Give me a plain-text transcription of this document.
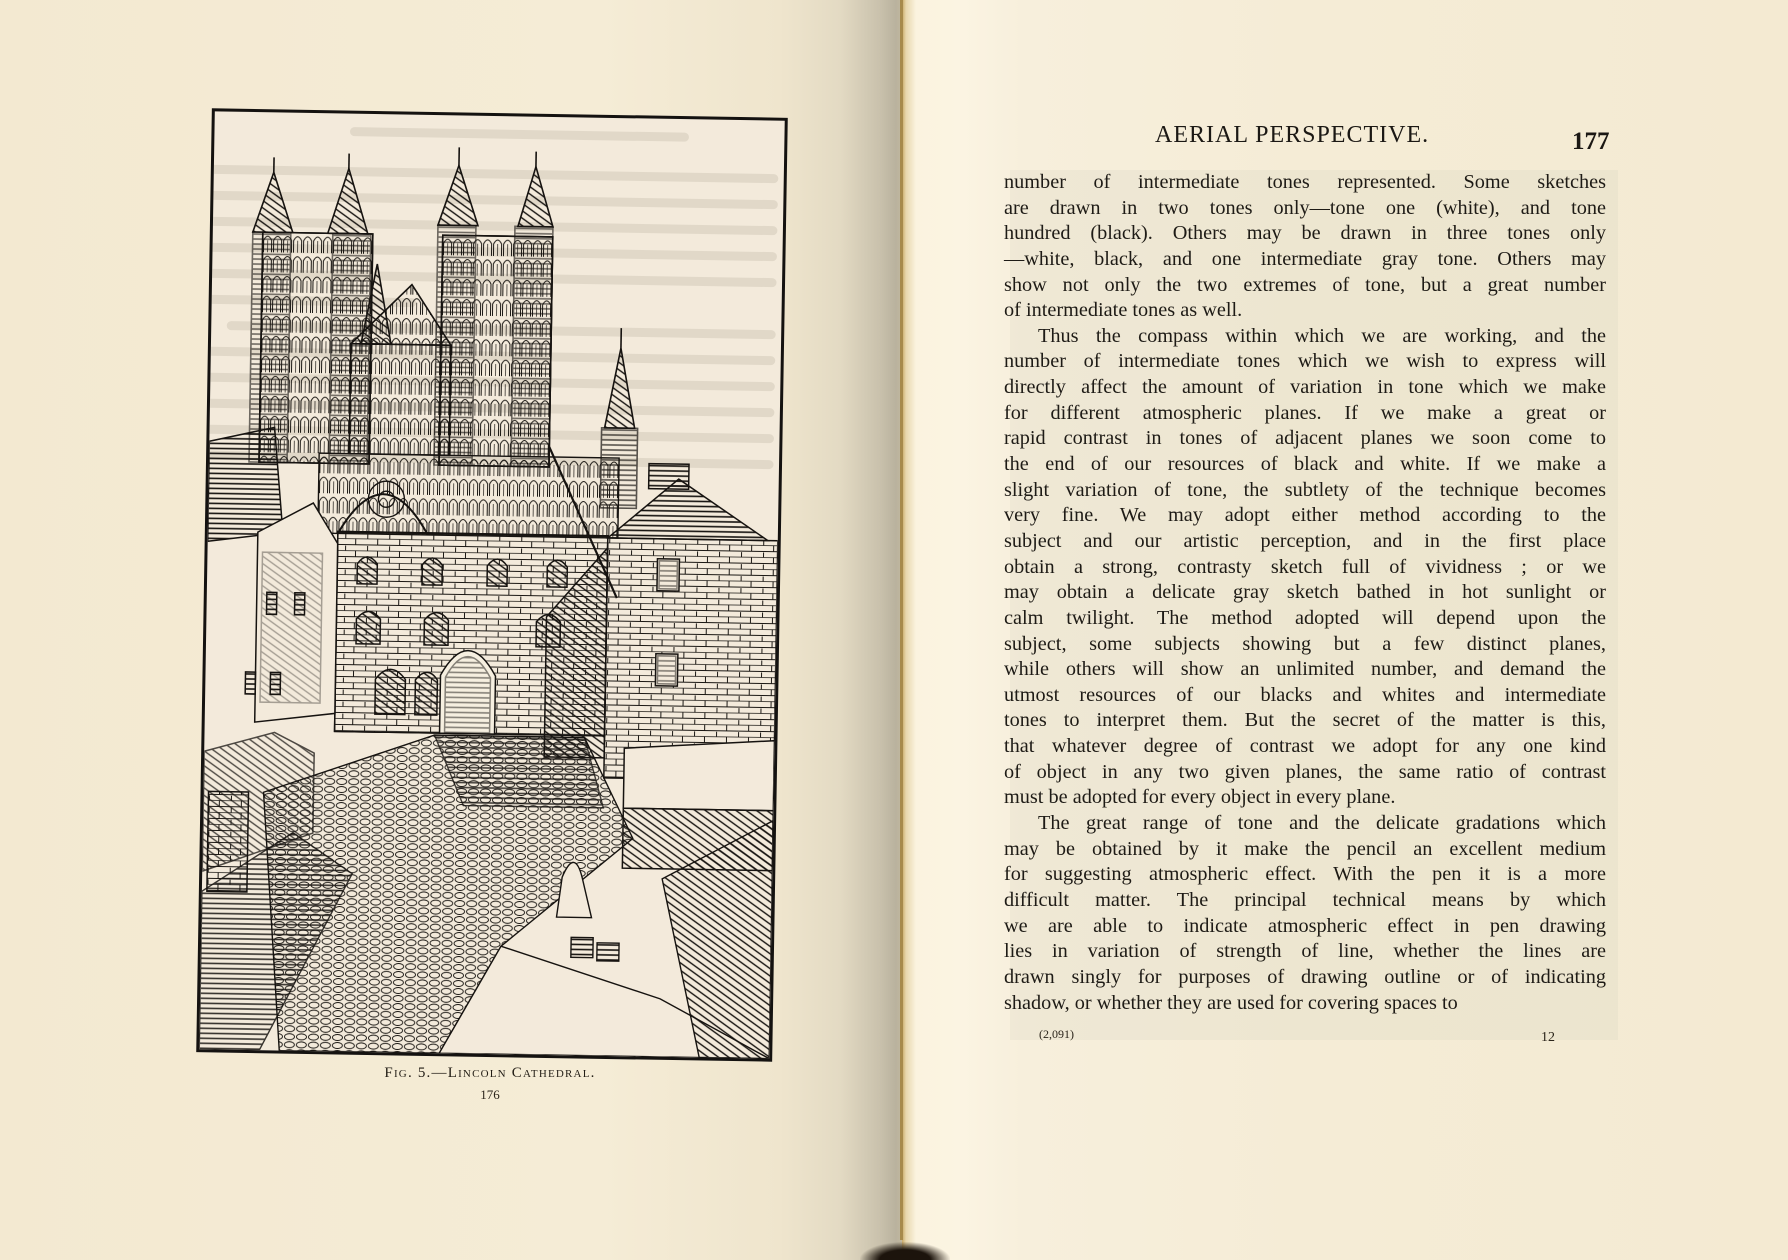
Fig. 5.—Lincoln Cathedral.
176
AERIAL PERSPECTIVE.	177
number of intermediate tones represented. Some sketches
are drawn in two tones only—tone one (white), and tone
hundred (black). Others may be drawn in three tones only
—white, black, and one intermediate gray tone. Others may
show not only the two extremes of tone, but a great number
of intermediate tones as well.
Thus the compass within which we are working, and the
number of intermediate tones which we wish to express will
directly affect the amount of variation in tone which we make
for different atmospheric planes. If we make a great or
rapid contrast in tones of adjacent planes we soon come to
the end of our resources of black and white. If we make a
slight variation of tone, the subtlety of the technique becomes
very fine. We may adopt either method according to the
subject and our artistic perception, and in the first place
obtain a strong, contrasty sketch full of vividness ; or we
may obtain a delicate gray sketch bathed in hot sunlight or
calm twilight. The method adopted will depend upon the
subject, some subjects showing but a few distinct planes,
while others will show an unlimited number, and demand the
utmost resources of our blacks and whites and intermediate
tones to interpret them. But the secret of the matter is this,
that whatever degree of contrast we adopt for any one kind
of object in any two given planes, the same ratio of contrast
must be adopted for every object in every plane.
The great range of tone and the delicate gradations which
may be obtained by it make the pencil an excellent medium
for suggesting atmospheric effect. With the pen it is a more
difficult matter. The principal technical means by which
we are able to indicate atmospheric effect in pen drawing
lies in variation of strength of line, whether the lines are
drawn singly for purposes of drawing outline or of indicating
shadow, or whether they are used for covering spaces to
(2,091)	12
